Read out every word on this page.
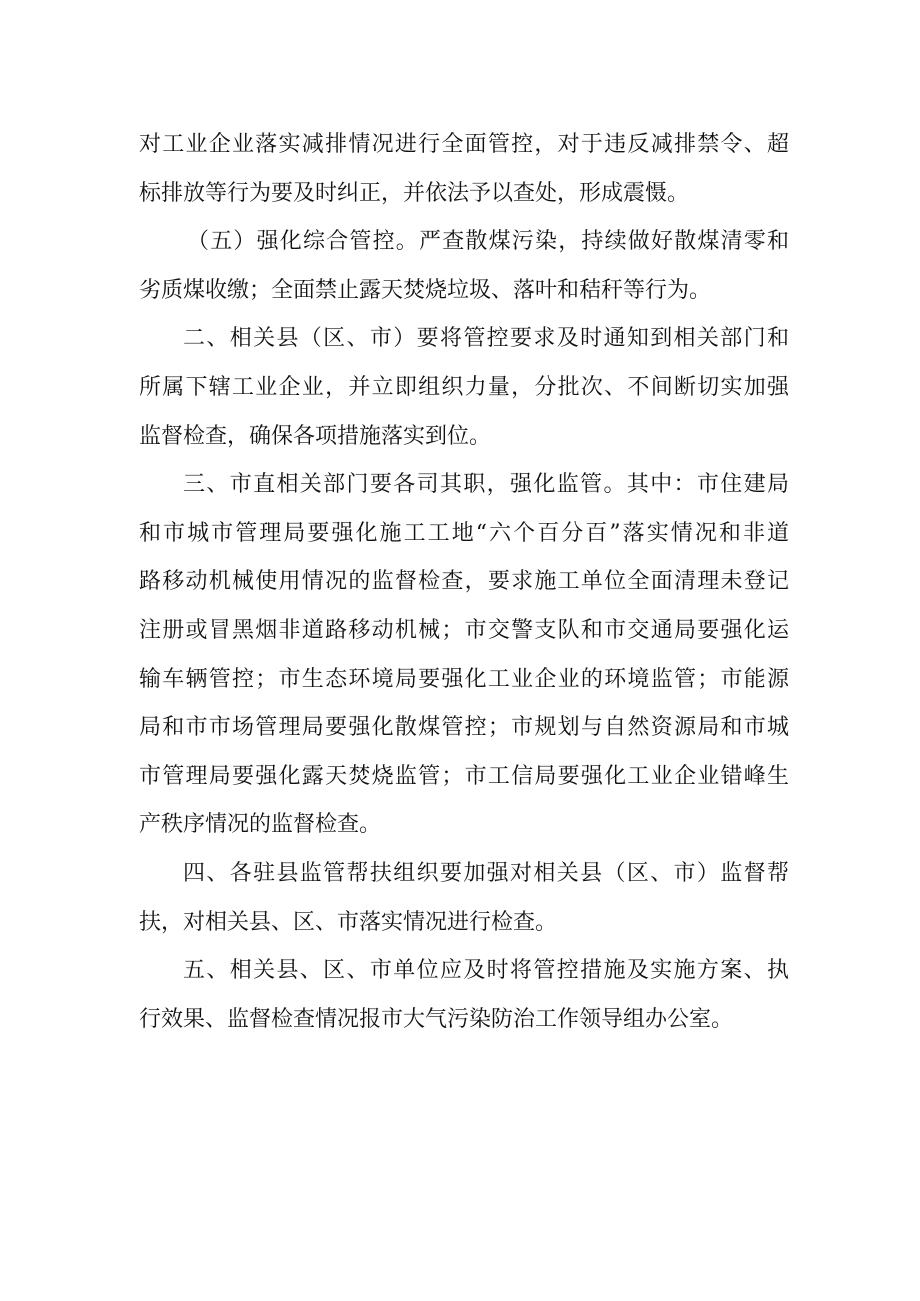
对工业企业落实减排情况进行全面管控，对于违反减排禁令、超
标排放等行为要及时纠正，并依法予以查处，形成震慑。
（五）强化综合管控。严查散煤污染，持续做好散煤清零和
劣质煤收缴；全面禁止露天焚烧垃圾、落叶和秸秆等行为。
二、相关县（区、市）要将管控要求及时通知到相关部门和
所属下辖工业企业，并立即组织力量，分批次、不间断切实加强
监督检查，确保各项措施落实到位。
三、市直相关部门要各司其职，强化监管。其中：市住建局
和市城市管理局要强化施工工地“六个百分百”落实情况和非道
路移动机械使用情况的监督检查，要求施工单位全面清理未登记
注册或冒黑烟非道路移动机械；市交警支队和市交通局要强化运
输车辆管控；市生态环境局要强化工业企业的环境监管；市能源
局和市市场管理局要强化散煤管控；市规划与自然资源局和市城
市管理局要强化露天焚烧监管；市工信局要强化工业企业错峰生
产秩序情况的监督检查。
四、各驻县监管帮扶组织要加强对相关县（区、市）监督帮
扶，对相关县、区、市落实情况进行检查。
五、相关县、区、市单位应及时将管控措施及实施方案、执
行效果、监督检查情况报市大气污染防治工作领导组办公室。
